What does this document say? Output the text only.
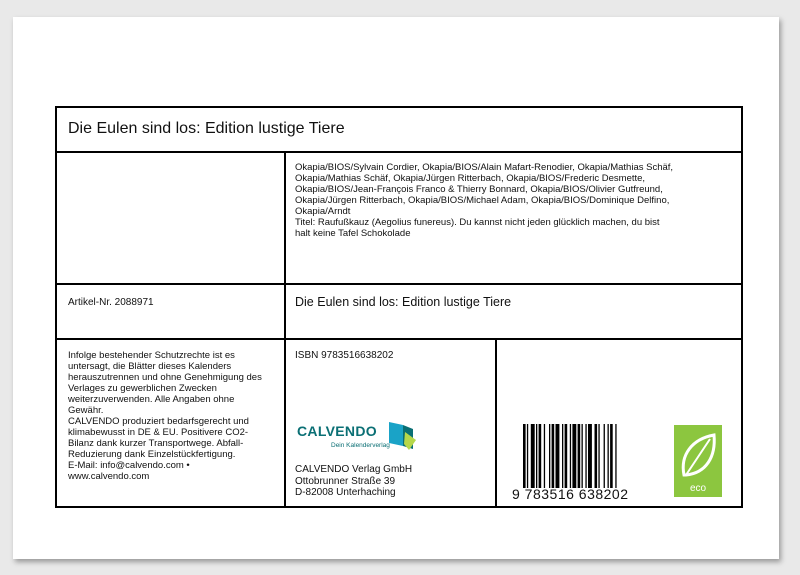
Die Eulen sind los: Edition lustige Tiere
Okapia/BIOS/Sylvain Cordier, Okapia/BIOS/Alain Mafart-Renodier, Okapia/Mathias Schäf,
Okapia/Mathias Schäf, Okapia/Jürgen Ritterbach, Okapia/BIOS/Frederic Desmette,
Okapia/BIOS/Jean-François Franco & Thierry Bonnard, Okapia/BIOS/Olivier Gutfreund,
Okapia/Jürgen Ritterbach, Okapia/BIOS/Michael Adam, Okapia/BIOS/Dominique Delfino,
Okapia/Arndt
Titel: Raufußkauz (Aegolius funereus). Du kannst nicht jeden glücklich machen, du bist
halt keine Tafel Schokolade
Artikel-Nr. 2088971	Die Eulen sind los: Edition lustige Tiere
Infolge bestehender Schutzrechte ist es
untersagt, die Blätter dieses Kalenders
herauszutrennen und ohne Genehmigung des
Verlages zu gewerblichen Zwecken
weiterzuverwenden. Alle Angaben ohne
Gewähr.
CALVENDO produziert bedarfsgerecht und
klimabewusst in DE & EU. Positivere CO2-
Bilanz dank kurzer Transportwege. Abfall-
Reduzierung dank Einzelstückfertigung.
E-Mail: info@calvendo.com •
www.calvendo.com
ISBN 9783516638202
CALVENDO
Dein Kalenderverlag
CALVENDO Verlag GmbH
Ottobrunner Straße 39
D-82008 Unterhaching	9 783516 638202	eco
